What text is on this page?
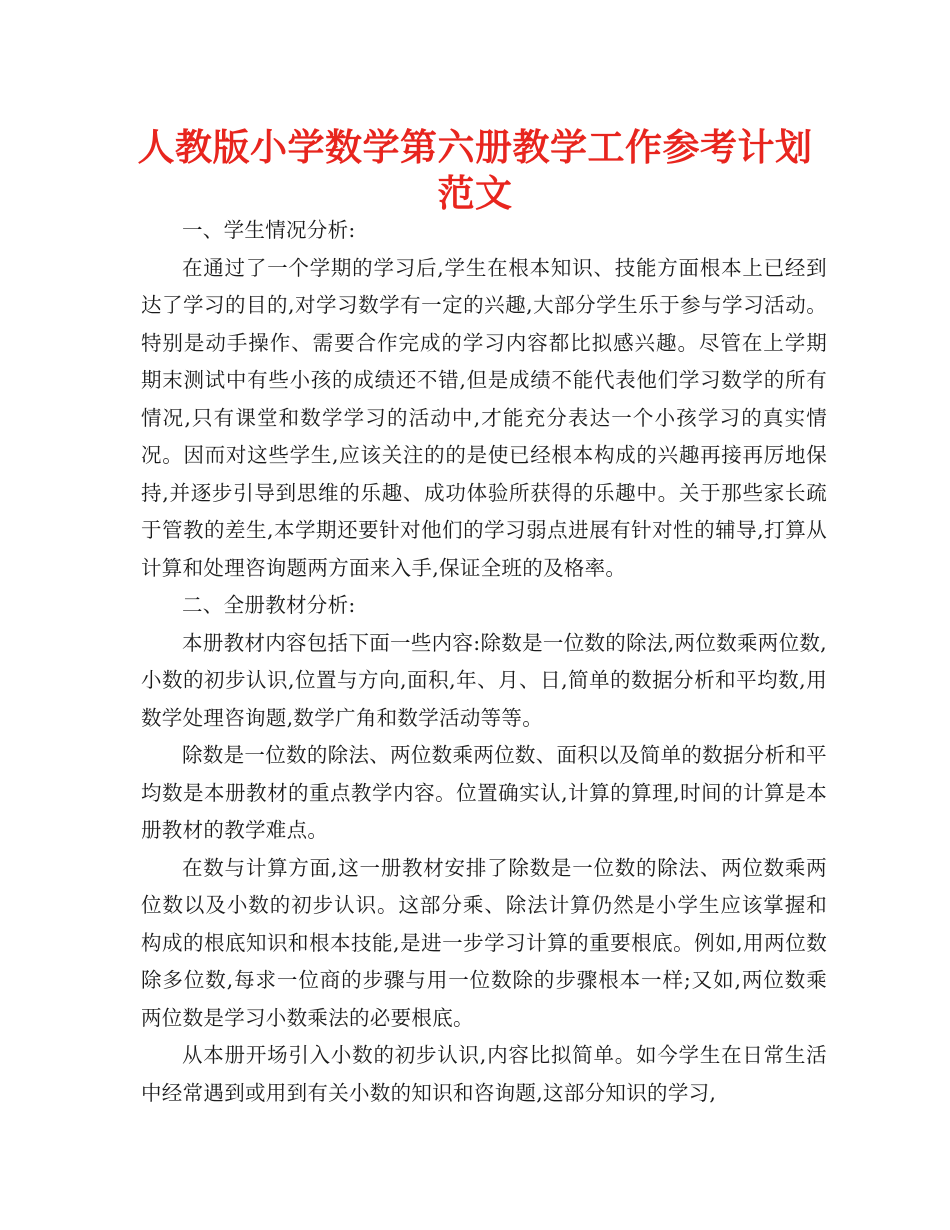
人教版小学数学第六册教学工作参考计划
范文

一、学生情况分析:

在通过了一个学期的学习后,学生在根本知识、技能方面根本上已经到达了学习的目的,对学习数学有一定的兴趣,大部分学生乐于参与学习活动。特别是动手操作、需要合作完成的学习内容都比拟感兴趣。尽管在上学期期末测试中有些小孩的成绩还不错,但是成绩不能代表他们学习数学的所有情况,只有课堂和数学学习的活动中,才能充分表达一个小孩学习的真实情况。因而对这些学生,应该关注的的是使已经根本构成的兴趣再接再厉地保持,并逐步引导到思维的乐趣、成功体验所获得的乐趣中。关于那些家长疏于管教的差生,本学期还要针对他们的学习弱点进展有针对性的辅导,打算从计算和处理咨询题两方面来入手,保证全班的及格率。

二、全册教材分析:

本册教材内容包括下面一些内容:除数是一位数的除法,两位数乘两位数,小数的初步认识,位置与方向,面积,年、月、日,简单的数据分析和平均数,用数学处理咨询题,数学广角和数学活动等等。

除数是一位数的除法、两位数乘两位数、面积以及简单的数据分析和平均数是本册教材的重点教学内容。位置确实认,计算的算理,时间的计算是本册教材的教学难点。

在数与计算方面,这一册教材安排了除数是一位数的除法、两位数乘两位数以及小数的初步认识。这部分乘、除法计算仍然是小学生应该掌握和构成的根底知识和根本技能,是进一步学习计算的重要根底。例如,用两位数除多位数,每求一位商的步骤与用一位数除的步骤根本一样;又如,两位数乘两位数是学习小数乘法的必要根底。

从本册开场引入小数的初步认识,内容比拟简单。如今学生在日常生活中经常遇到或用到有关小数的知识和咨询题,这部分知识的学习,
